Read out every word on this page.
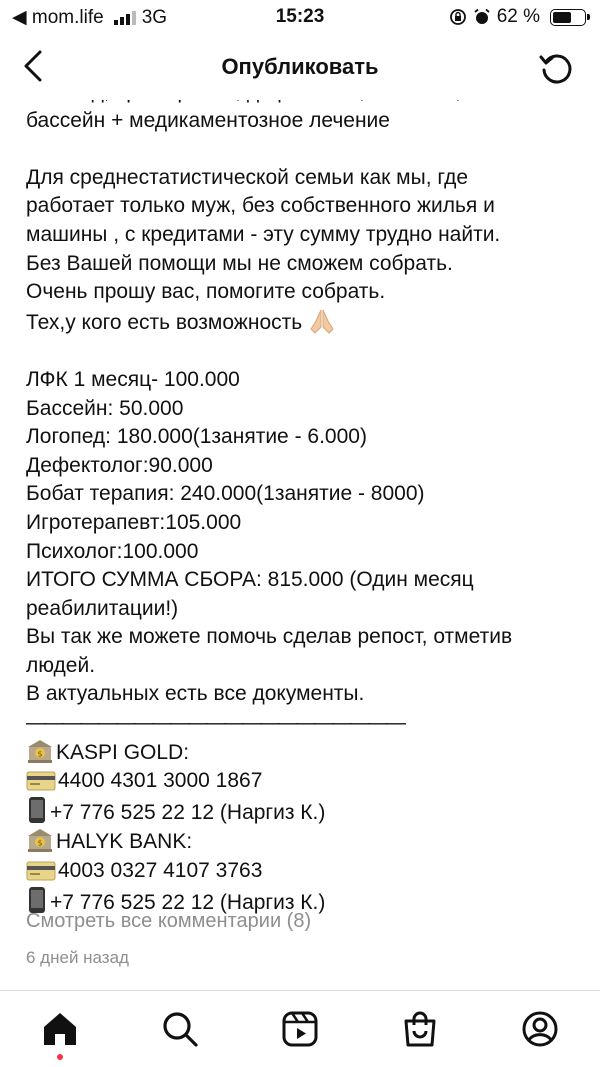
◀ mom.life 3G	15:23	62 %
Опубликовать
бассейн + медикаментозное лечение
Для среднестатистической семьи как мы, где
работает только муж, без собственного жилья и
машины , с кредитами - эту сумму трудно найти.
Без Вашей помощи мы не сможем собрать.
Очень прошу вас, помогите собрать.
Тех,у кого есть возможность
ЛФК 1 месяц- 100.000
Бассейн: 50.000
Логопед: 180.000(1занятие - 6.000)
Дефектолог:90.000
Бобат терапия: 240.000(1занятие - 8000)
Игротерапевт:105.000
Психолог:100.000
ИТОГО СУММА СБОРА: 815.000 (Один месяц
реабилитации!)
Вы так же можете помочь сделав репост, отметив
людей.
В актуальных есть все документы.
—————————————————————
$ KASPI GOLD:
4400 4301 3000 1867
+7 776 525 22 12 (Наргиз К.)
$ HALYK BANK:
4003 0327 4107 3763
+7 776 525 22 12 (Наргиз К.)
Смотреть все комментарии (8)
6 дней назад
